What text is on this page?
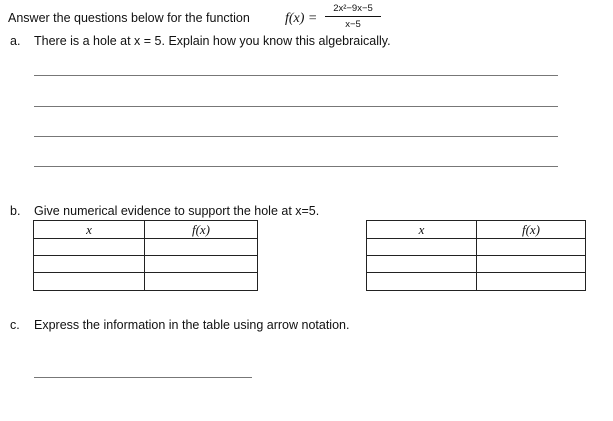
Answer the questions below for the function	f(x) =
2x²−9x−5
x−5
a. There is a hole at x = 5. Explain how you know this algebraically.
b. Give numerical evidence to support the hole at x=5.
x	f(x)

		x	f(x)

c. Express the information in the table using arrow notation.
